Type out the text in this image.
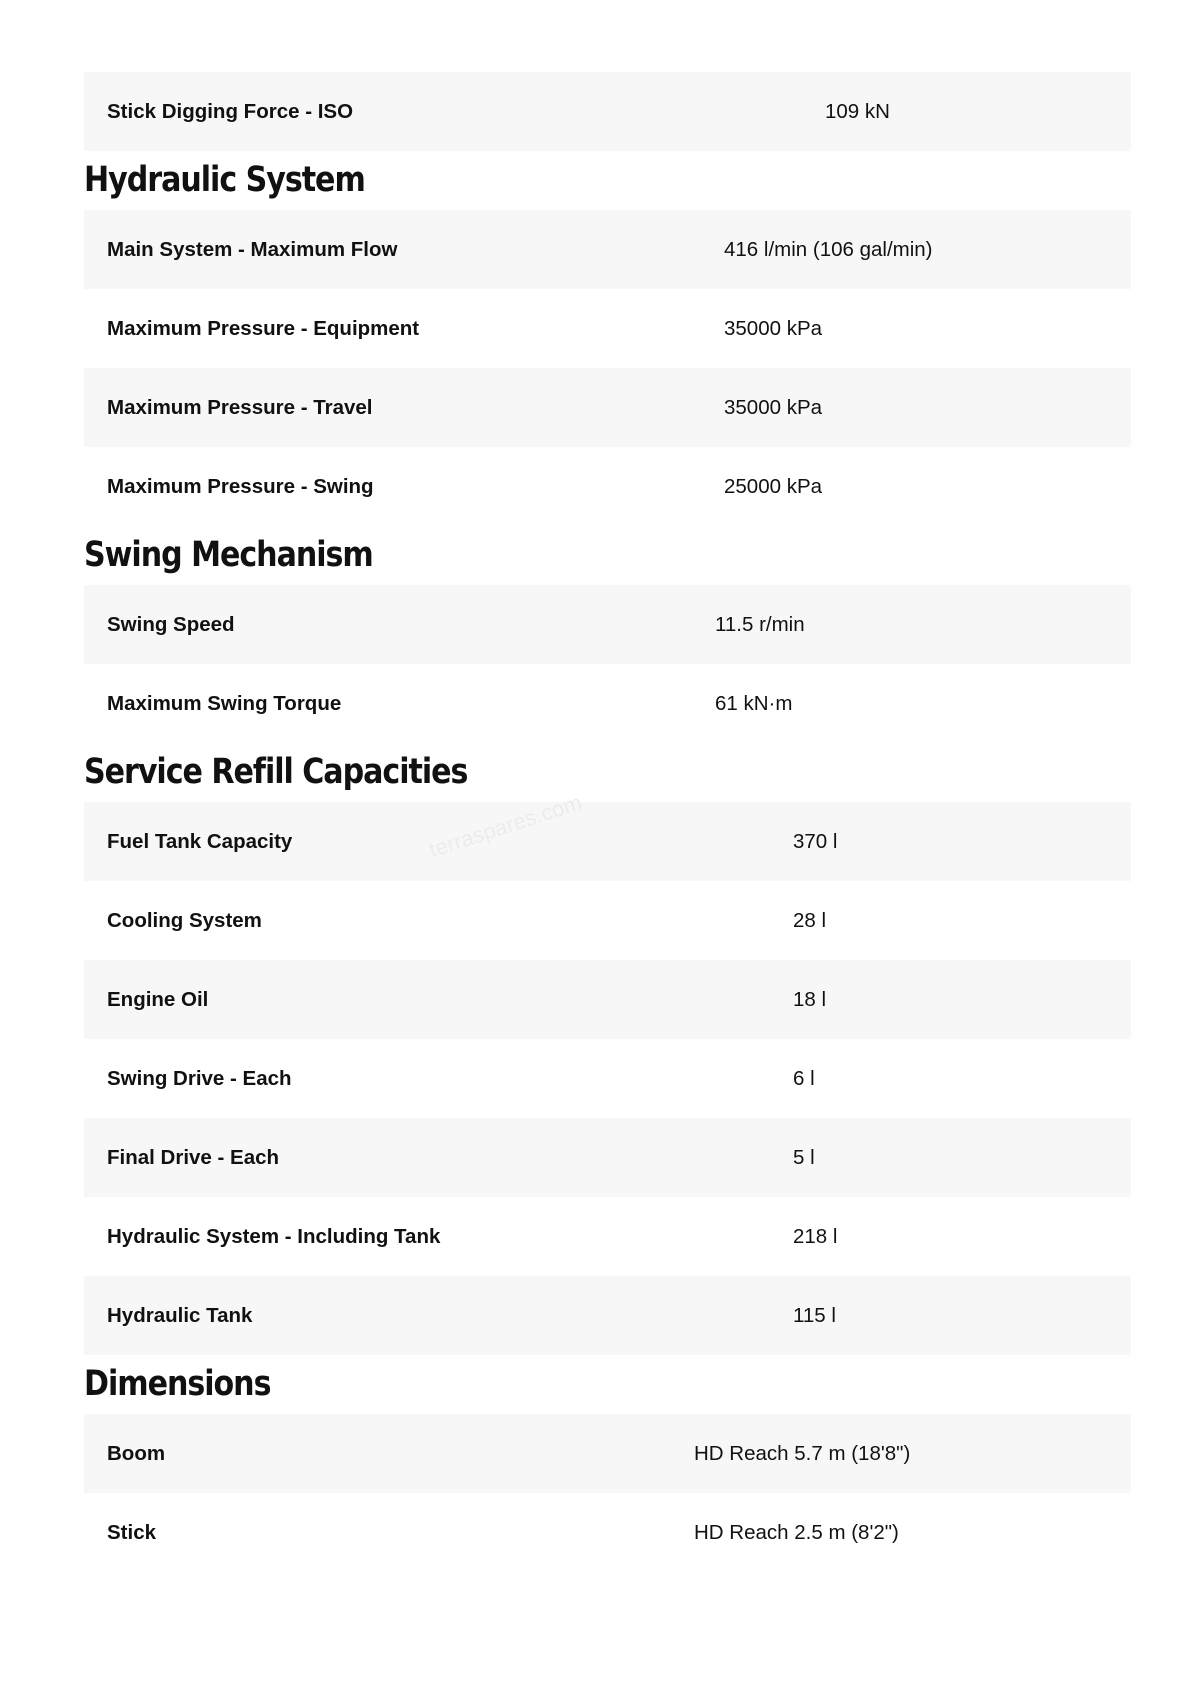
Stick Digging Force - ISO	109 kN
Hydraulic System
Main System - Maximum Flow	416 l/min (106 gal/min)
Maximum Pressure - Equipment	35000 kPa
Maximum Pressure - Travel	35000 kPa
Maximum Pressure - Swing	25000 kPa
Swing Mechanism
Swing Speed	11.5 r/min
Maximum Swing Torque	61 kN·m
Service Refill Capacities
Fuel Tank Capacity	370 l
Cooling System	28 l
Engine Oil	18 l
Swing Drive - Each	6 l
Final Drive - Each	5 l
Hydraulic System - Including Tank	218 l
Hydraulic Tank	115 l
Dimensions
Boom	HD Reach 5.7 m (18'8")
Stick	HD Reach 2.5 m (8'2")
terraspares.com
